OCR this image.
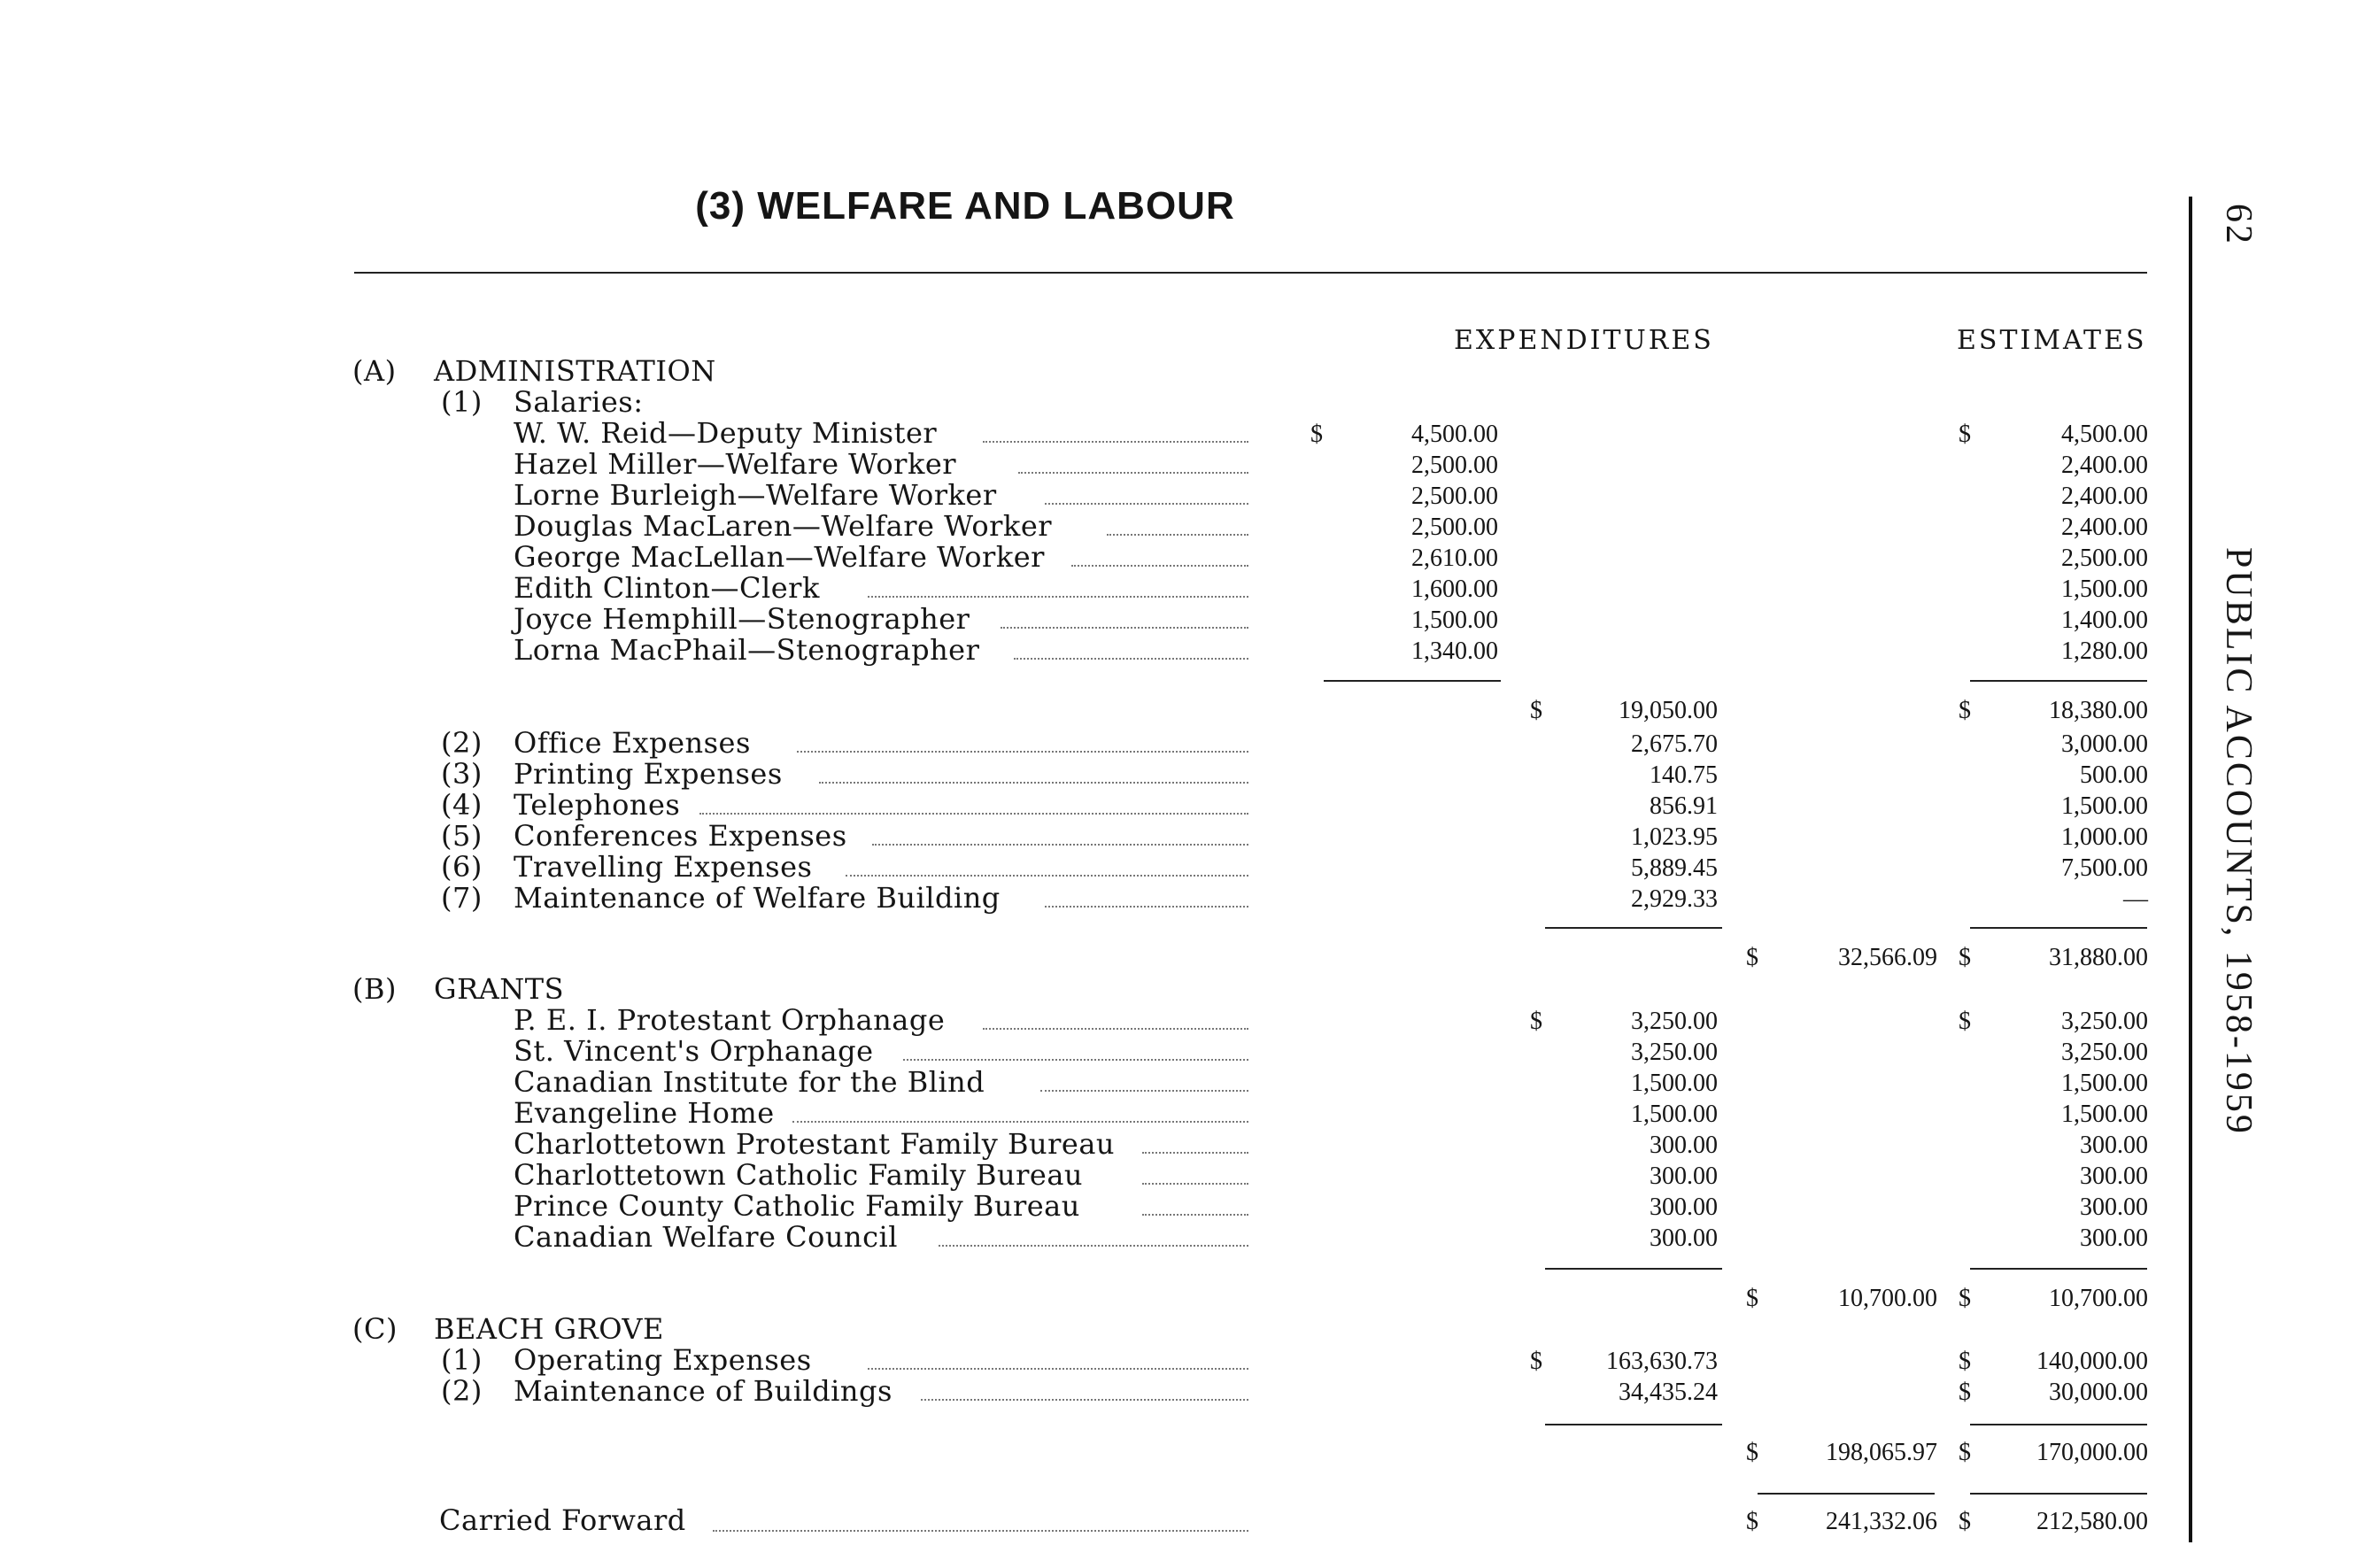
(3) WELFARE AND LABOUR	62
PUBLIC ACCOUNTS, 1958-1959
EXPENDITURES	ESTIMATES
(A) ADMINISTRATION
(1) Salaries:
W. W. Reid—Deputy Minister	$	4,500.00	$	4,500.00
Hazel Miller—Welfare Worker	2,500.00	2,400.00
Lorne Burleigh—Welfare Worker	2,500.00	2,400.00
Douglas MacLaren—Welfare Worker	2,500.00	2,400.00
George MacLellan—Welfare Worker	2,610.00	2,500.00
Edith Clinton—Clerk	1,600.00	1,500.00
Joyce Hemphill—Stenographer	1,500.00	1,400.00
Lorna MacPhail—Stenographer	1,340.00	1,280.00
$	19,050.00	$	18,380.00
(2) Office Expenses	2,675.70	3,000.00
(3) Printing Expenses	140.75	500.00
(4) Telephones	856.91	1,500.00
(5) Conferences Expenses	1,023.95	1,000.00
(6) Travelling Expenses	5,889.45	7,500.00
(7) Maintenance of Welfare Building	2,929.33	—
$	32,566.09 $	31,880.00
(B) GRANTS
P. E. I. Protestant Orphanage	$	3,250.00	$	3,250.00
St. Vincent's Orphanage	3,250.00	3,250.00
Canadian Institute for the Blind	1,500.00	1,500.00
Evangeline Home	1,500.00	1,500.00
Charlottetown Protestant Family Bureau	300.00	300.00
Charlottetown Catholic Family Bureau	300.00	300.00
Prince County Catholic Family Bureau	300.00	300.00
Canadian Welfare Council	300.00	300.00
$	10,700.00 $	10,700.00
(C) BEACH GROVE
(1) Operating Expenses	$	163,630.73	$	140,000.00
(2) Maintenance of Buildings	34,435.24	$	30,000.00
$	198,065.97 $	170,000.00
Carried Forward	$	241,332.06 $	212,580.00
